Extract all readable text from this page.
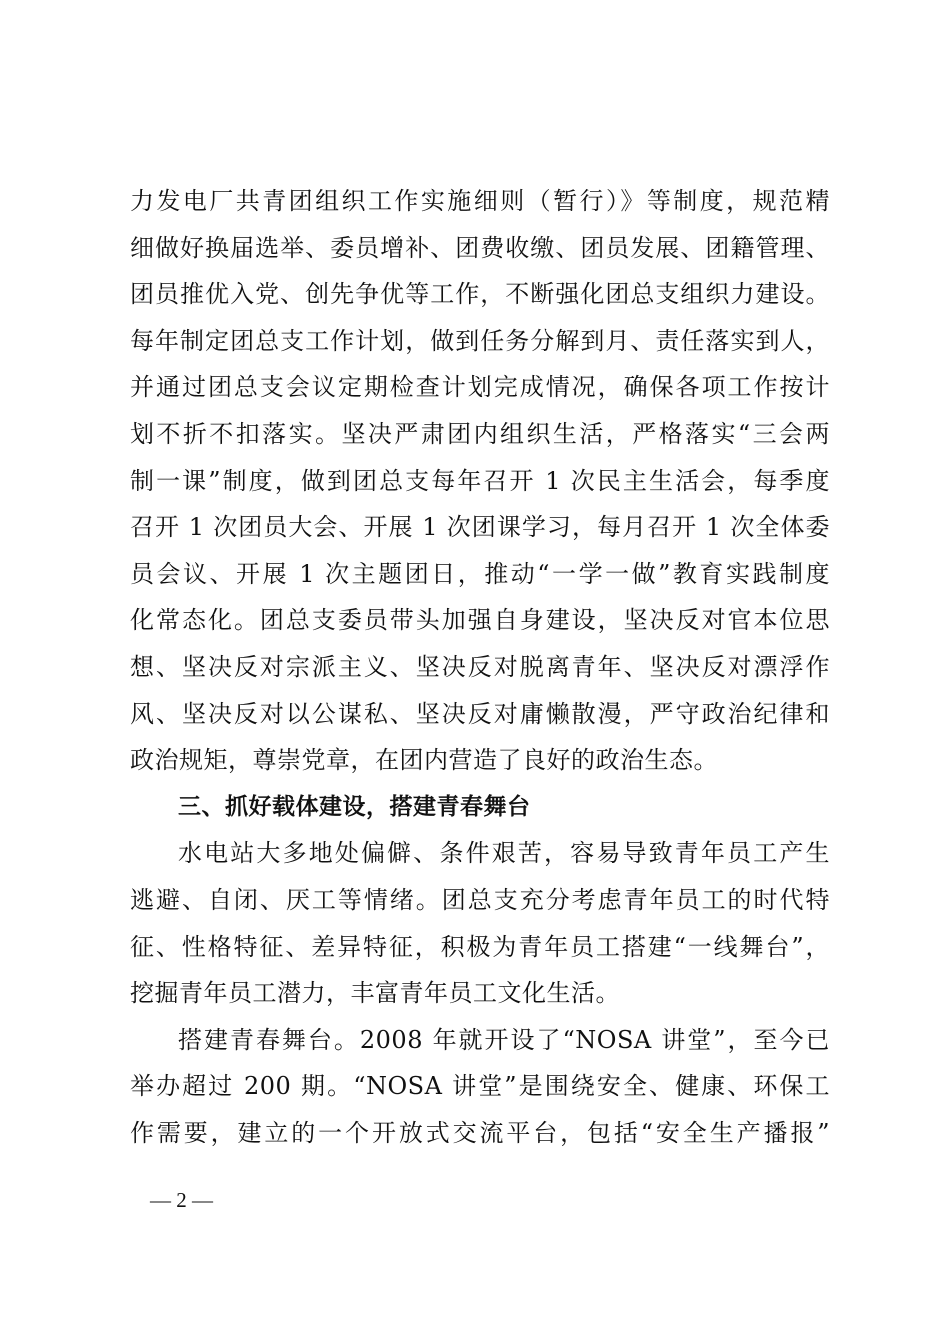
力发电厂共青团组织工作实施细则（暂行）》等制度，规范精
细做好换届选举、委员增补、团费收缴、团员发展、团籍管理、
团员推优入党、创先争优等工作，不断强化团总支组织力建设。
每年制定团总支工作计划，做到任务分解到月、责任落实到人，
并通过团总支会议定期检查计划完成情况，确保各项工作按计
划不折不扣落实。坚决严肃团内组织生活，严格落实“三会两
制一课”制度，做到团总支每年召开 1 次民主生活会，每季度
召开 1 次团员大会、开展 1 次团课学习，每月召开 1 次全体委
员会议、开展 1 次主题团日，推动“一学一做”教育实践制度
化常态化。团总支委员带头加强自身建设，坚决反对官本位思
想、坚决反对宗派主义、坚决反对脱离青年、坚决反对漂浮作
风、坚决反对以公谋私、坚决反对庸懒散漫，严守政治纪律和
政治规矩，尊崇党章，在团内营造了良好的政治生态。
三、抓好载体建设，搭建青春舞台
水电站大多地处偏僻、条件艰苦，容易导致青年员工产生
逃避、自闭、厌工等情绪。团总支充分考虑青年员工的时代特
征、性格特征、差异特征，积极为青年员工搭建“一线舞台”，
挖掘青年员工潜力，丰富青年员工文化生活。
搭建青春舞台。2008 年就开设了“NOSA 讲堂”，至今已
举办超过 200 期。“NOSA 讲堂”是围绕安全、健康、环保工
作需要，建立的一个开放式交流平台，包括“安全生产播报”
— 2 —
